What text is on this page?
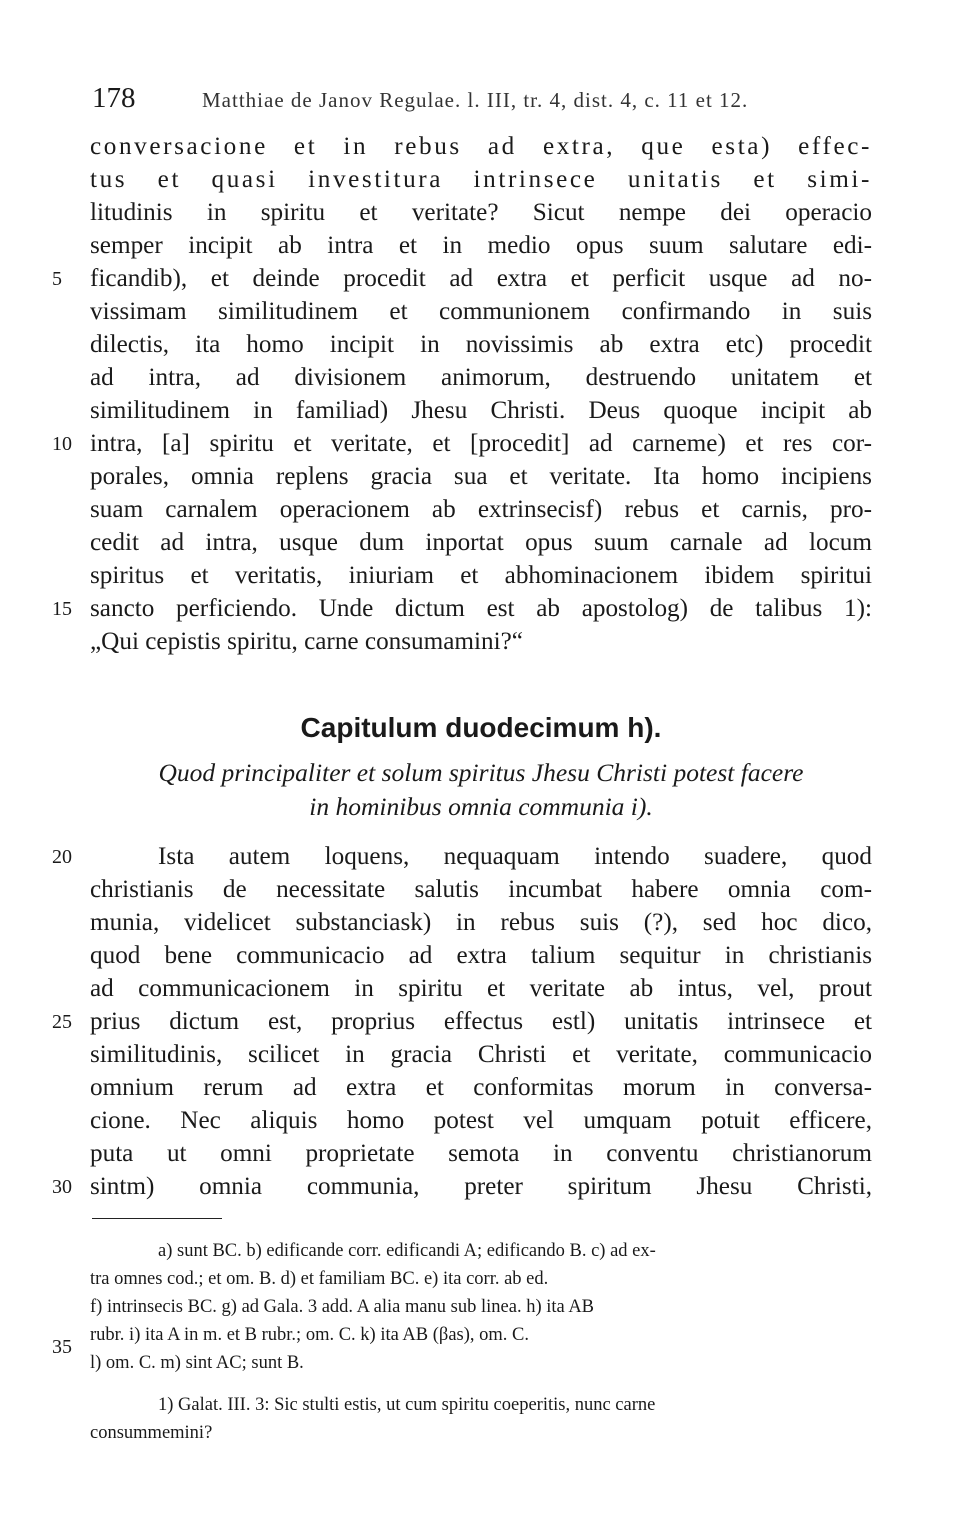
178	Matthiae de Janov Regulae. l. III, tr. 4, dist. 4, c. 11 et 12.
conversacione et in rebus ad extra, que esta) effec-
tus et quasi investitura intrinsece unitatis et simi-
litudinis in spiritu et veritate? Sicut nempe dei operacio
semper incipit ab intra et in medio opus suum salutare edi-
ficandib), et deinde procedit ad extra et perficit usque ad no-
vissimam similitudinem et communionem confirmando in suis
dilectis, ita homo incipit in novissimis ab extra etc) procedit
ad intra, ad divisionem animorum, destruendo unitatem et
similitudinem in familiad) Jhesu Christi. Deus quoque incipit ab
intra, [a] spiritu et veritate, et [procedit] ad carneme) et res cor-
porales, omnia replens gracia sua et veritate. Ita homo incipiens
suam carnalem operacionem ab extrinsecisf) rebus et carnis, pro-
cedit ad intra, usque dum inportat opus suum carnale ad locum
spiritus et veritatis, iniuriam et abhominacionem ibidem spiritui
sancto perficiendo. Unde dictum est ab apostolog) de talibus 1):
„Qui cepistis spiritu, carne consumamini?“
Capitulum duodecimum h).
Quod principaliter et solum spiritus Jhesu Christi potest facere
in hominibus omnia communia i).
Ista autem loquens, nequaquam intendo suadere, quod
christianis de necessitate salutis incumbat habere omnia com-
munia, videlicet substanciask) in rebus suis (?), sed hoc dico,
quod bene communicacio ad extra talium sequitur in christianis
ad communicacionem in spiritu et veritate ab intus, vel, prout
prius dictum est, proprius effectus estl) unitatis intrinsece et
similitudinis, scilicet in gracia Christi et veritate, communicacio
omnium rerum ad extra et conformitas morum in conversa-
cione. Nec aliquis homo potest vel umquam potuit efficere,
puta ut omni proprietate semota in conventu christianorum
sintm) omnia communia, preter spiritum Jhesu Christi,
5
10
15
20
25
30
35
a) sunt BC. b) edificande corr. edificandi A; edificando B. c) ad ex-
tra omnes cod.; et om. B. d) et familiam BC. e) ita corr. ab ed.
f) intrinsecis BC. g) ad Gala. 3 add. A alia manu sub linea. h) ita AB
rubr. i) ita A in m. et B rubr.; om. C. k) ita AB (βas), om. C.
l) om. C. m) sint AC; sunt B.
1) Galat. III. 3: Sic stulti estis, ut cum spiritu coeperitis, nunc carne
consummemini?
